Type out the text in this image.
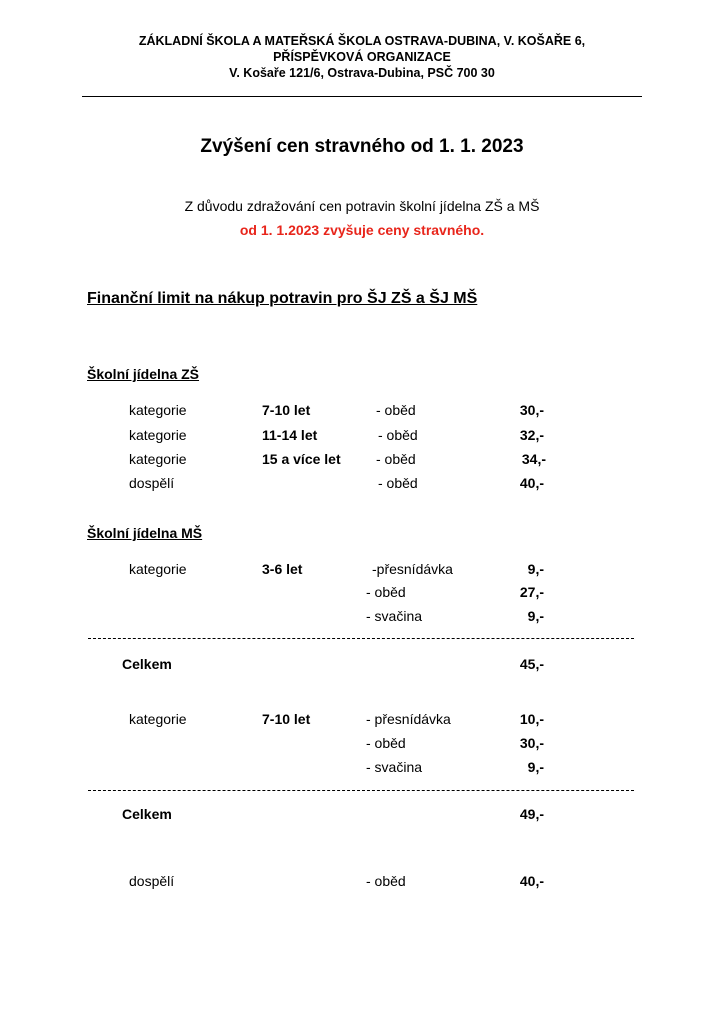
ZÁKLADNÍ ŠKOLA A MATEŘSKÁ ŠKOLA OSTRAVA-DUBINA, V. KOŠAŘE 6,
PŘÍSPĚVKOVÁ ORGANIZACE
V. Košaře 121/6, Ostrava-Dubina, PSČ 700 30
Zvýšení cen stravného od 1. 1. 2023
Z důvodu zdražování cen potravin školní jídelna ZŠ a MŠ
od 1. 1.2023 zvyšuje ceny stravného.
Finanční limit na nákup potravin pro ŠJ ZŠ a ŠJ MŠ
Školní jídelna ZŠ
kategorie	7-10 let	- oběd	30,-
kategorie	11-14 let	- oběd	32,-
kategorie	15 a více let	- oběd	34,-
dospělí	- oběd	40,-
Školní jídelna MŠ
kategorie	3-6 let	-přesnídávka	9,-
- oběd	27,-
- svačina	9,-
Celkem	45,-
kategorie	7-10 let	- přesnídávka	10,-
- oběd	30,-
- svačina	9,-
Celkem	49,-
dospělí	- oběd	40,-
